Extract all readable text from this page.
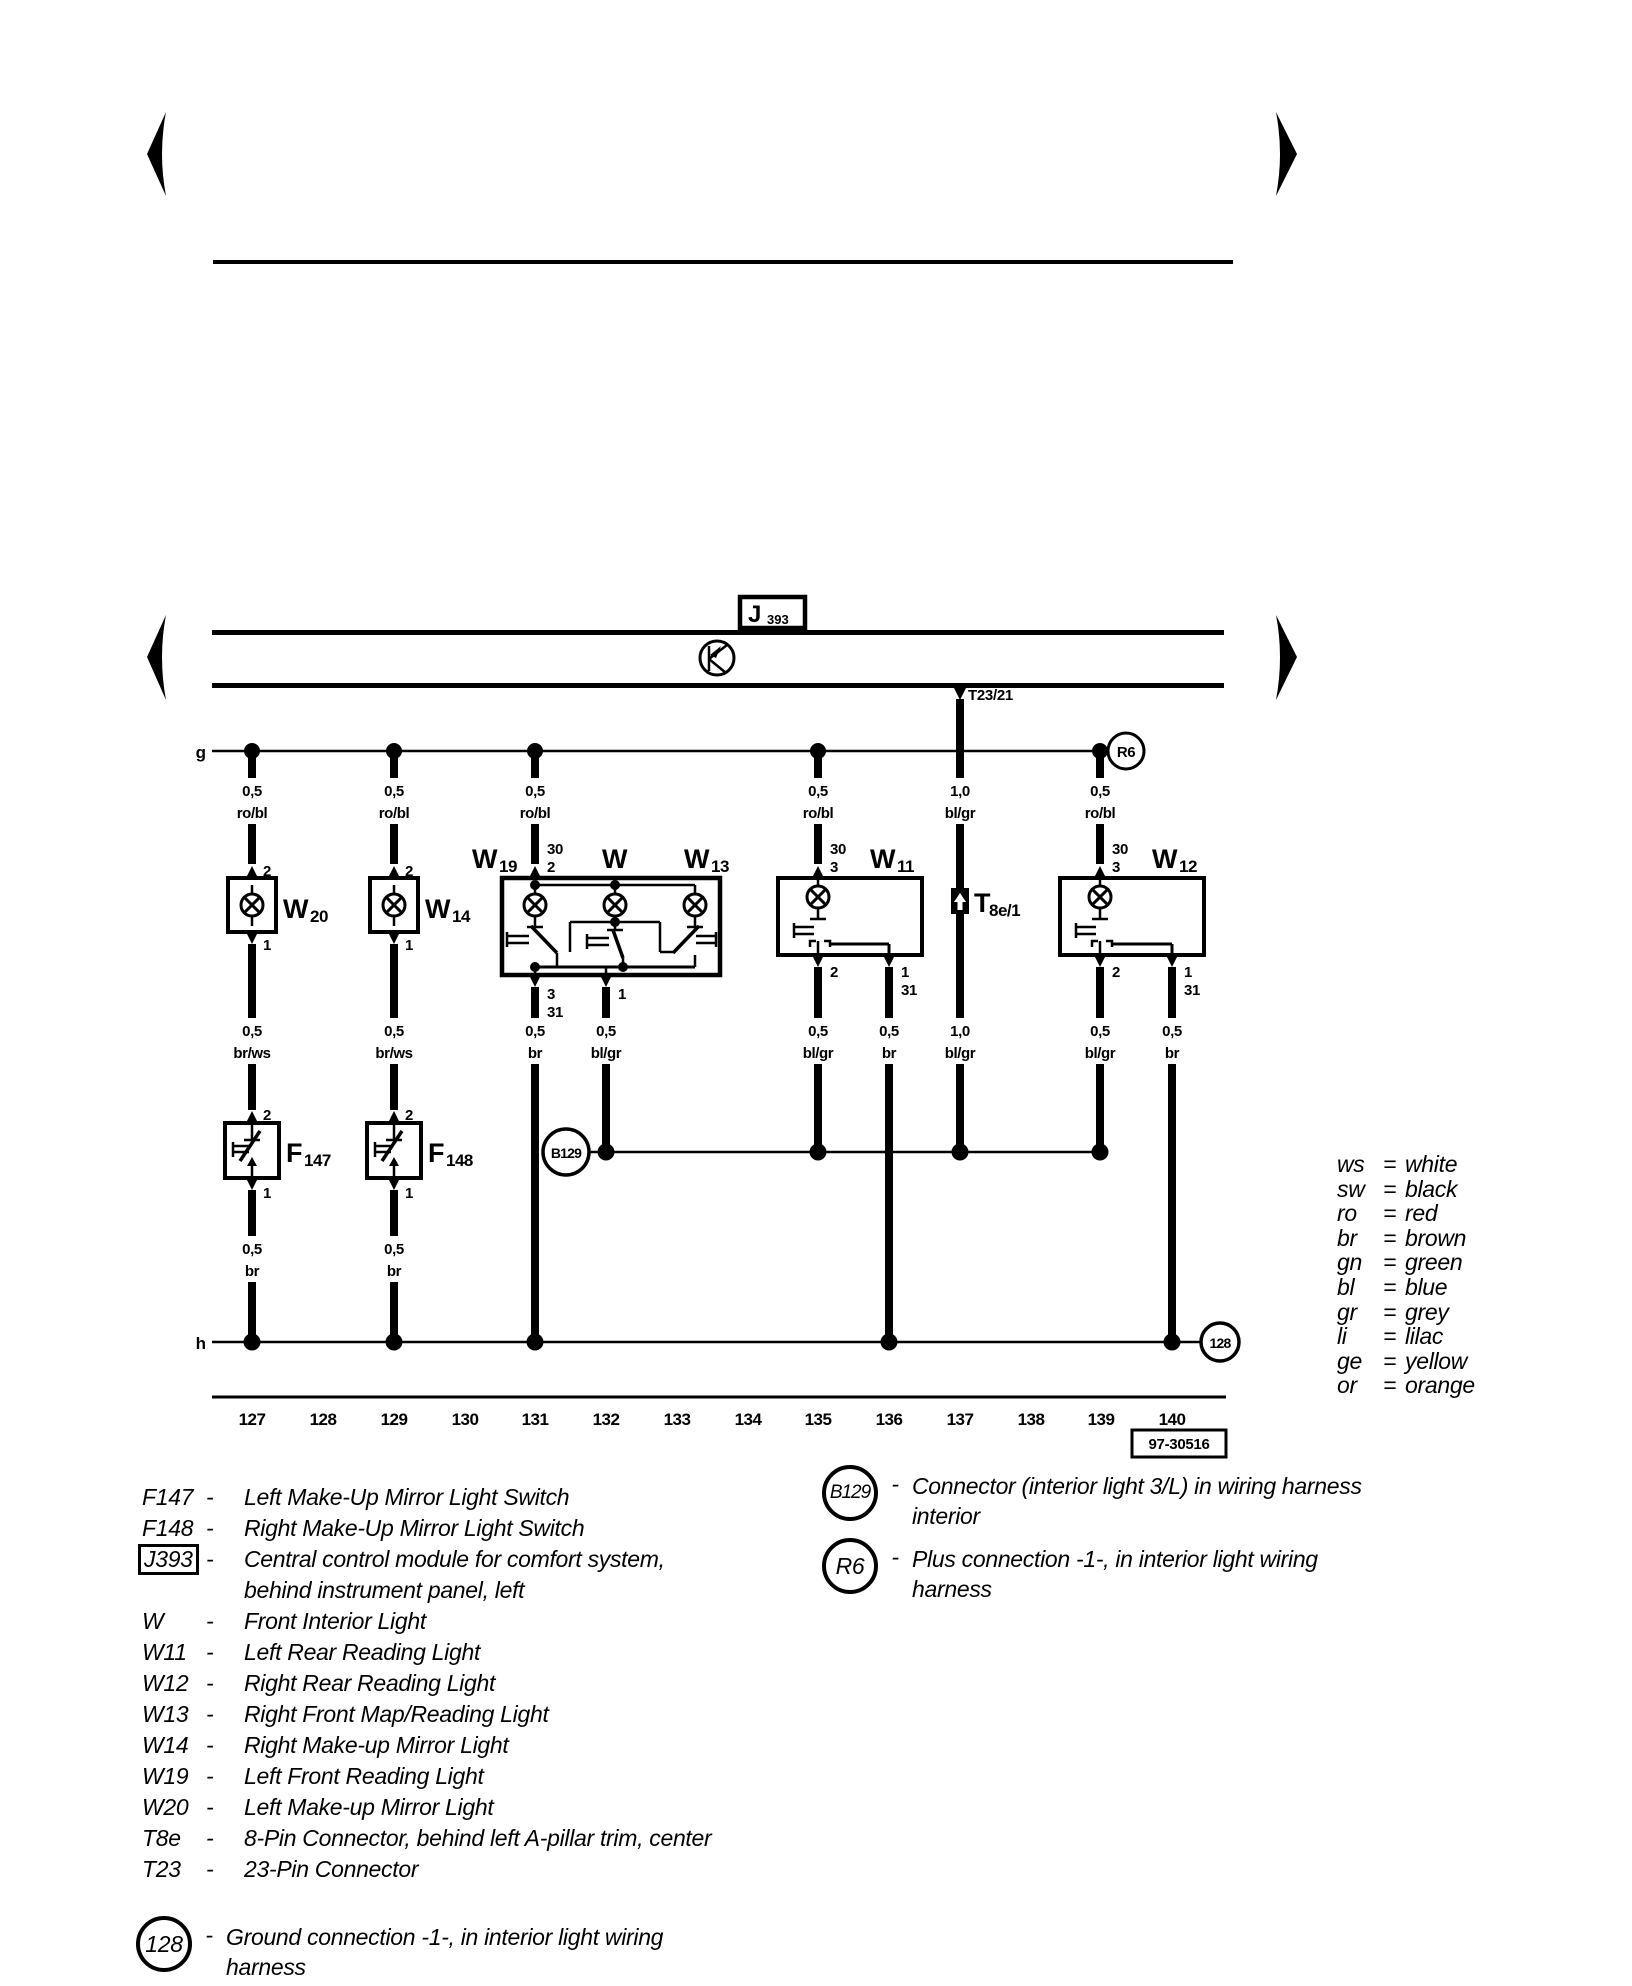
J 393
g	R6
0,5
ro/bl
2
W 20
1
0,5
br/ws
2
F 147
1
0,5
br
0,5
ro/bl
2
W 14
1
0,5
br/ws
2
F 148
1
0,5
br
0,5
ro/bl
30
2
W 19	W W 13
3
31
0,5
br
1
0,5
bl/gr
0,5
ro/bl
30
3 W 11
2
0,5
bl/gr
1
31
0,5
br
T23/21
1,0
bl/gr
T 8e/1
1,0
bl/gr
0,5
ro/bl
30
3 W 12
2
0,5
bl/gr
1
31
0,5
br
B129
h	128
127	128	129	130	131	132	133	134	135	136	137	138	139	140
97-30516
ws = white
sw = black
ro	= red
br	= brown
gn = green
bl	= blue
gr	= grey
li	= lilac
ge = yellow
or	= orange
F147 -	Left Make-Up Mirror Light Switch
F148 -	Right Make-Up Mirror Light Switch
J393 -	Central control module for comfort system,
behind instrument panel, left
W	-	Front Interior Light
W11 -	Left Rear Reading Light
W12 -	Right Rear Reading Light
W13 -	Right Front Map/Reading Light
W14 -	Right Make-up Mirror Light
W19 -	Left Front Reading Light
W20 -	Left Make-up Mirror Light
T8e	-	8-Pin Connector, behind left A-pillar trim, center
T23	-	23-Pin Connector
128 - Ground connection -1-, in interior light wiring
harness
B129 - Connector (interior light 3/L) in wiring harness
interior
R6	- Plus connection -1-, in interior light wiring
harness
